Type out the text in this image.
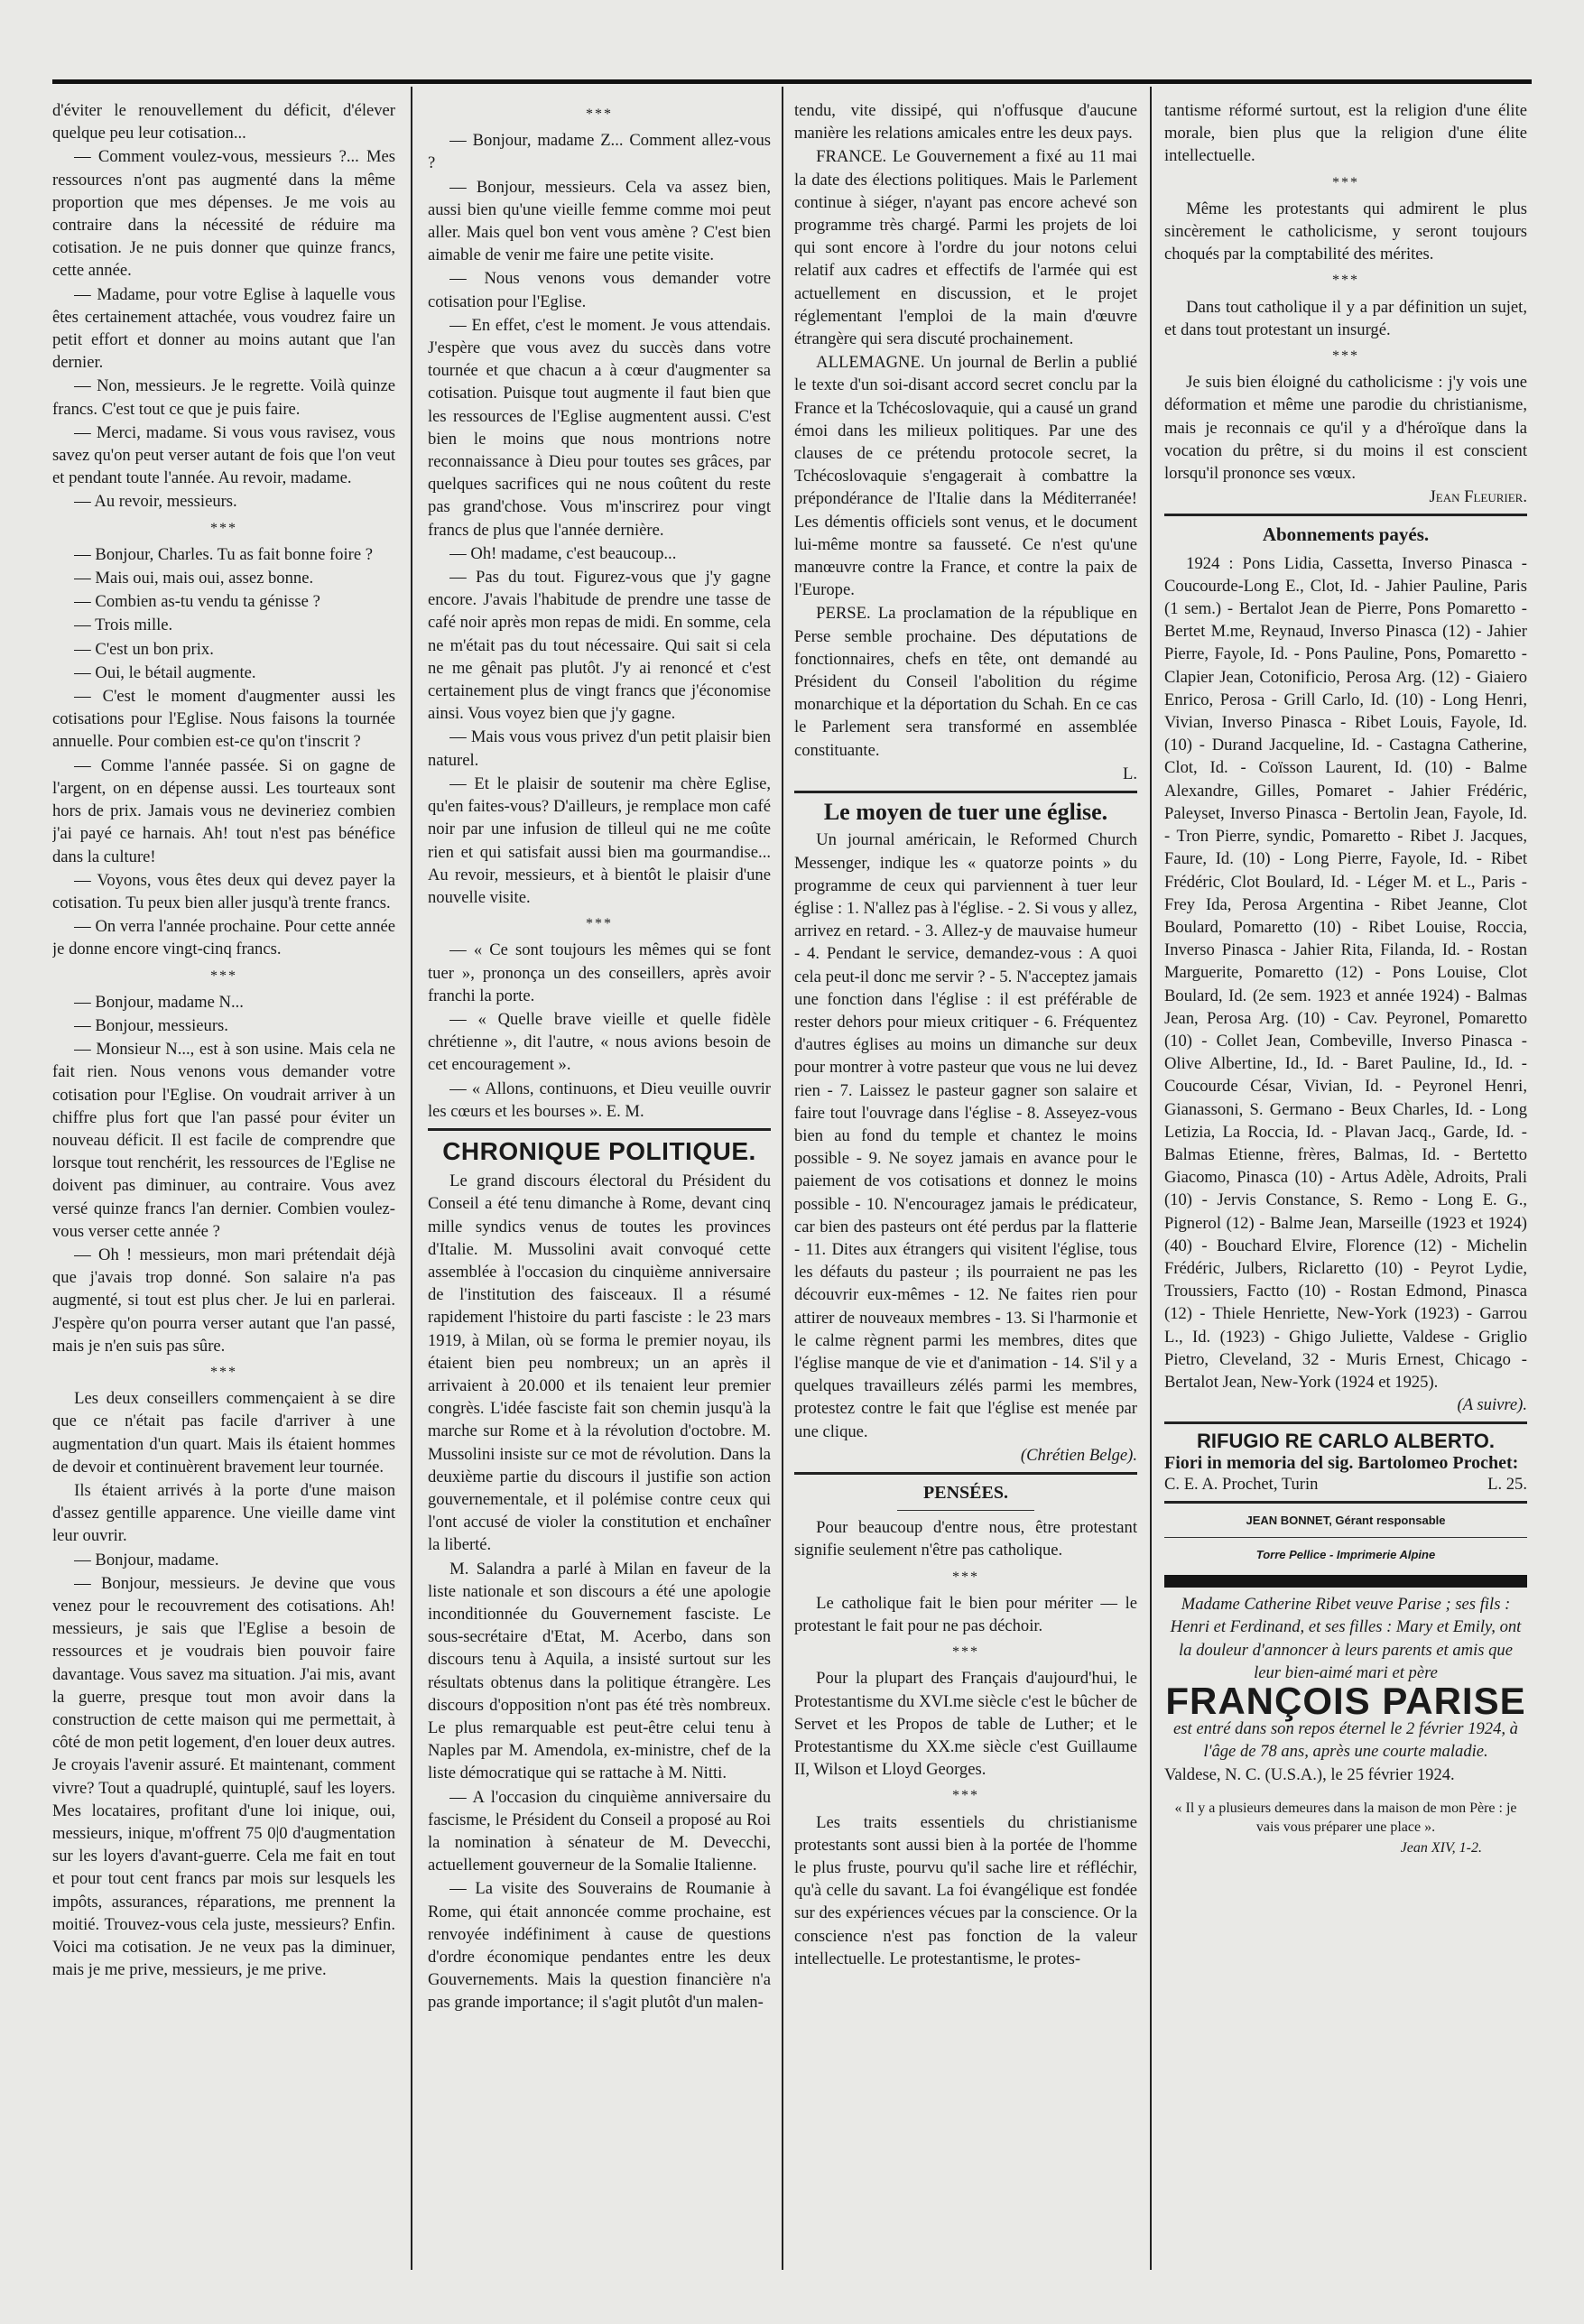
d'éviter le renouvellement du déficit, d'élever quelque peu leur cotisation...

— Comment voulez-vous, messieurs ?... Mes ressources n'ont pas augmenté dans la même proportion que mes dépenses. Je me vois au contraire dans la nécessité de réduire ma cotisation. Je ne puis donner que quinze francs, cette année.

— Madame, pour votre Eglise à laquelle vous êtes certainement attachée, vous voudrez faire un petit effort et donner au moins autant que l'an dernier.

— Non, messieurs. Je le regrette. Voilà quinze francs. C'est tout ce que je puis faire.

— Merci, madame. Si vous vous ravisez, vous savez qu'on peut verser autant de fois que l'on veut et pendant toute l'année. Au revoir, madame.

— Au revoir, messieurs.

***

— Bonjour, Charles. Tu as fait bonne foire ?

— Mais oui, mais oui, assez bonne.

— Combien as-tu vendu ta génisse ?

— Trois mille.

— C'est un bon prix.

— Oui, le bétail augmente.

— C'est le moment d'augmenter aussi les cotisations pour l'Eglise. Nous faisons la tournée annuelle. Pour combien est-ce qu'on t'inscrit ?

— Comme l'année passée. Si on gagne de l'argent, on en dépense aussi. Les tourteaux sont hors de prix. Jamais vous ne devineriez combien j'ai payé ce harnais. Ah! tout n'est pas bénéfice dans la culture!

— Voyons, vous êtes deux qui devez payer la cotisation. Tu peux bien aller jusqu'à trente francs.

— On verra l'année prochaine. Pour cette année je donne encore vingt-cinq francs.

***

— Bonjour, madame N...

— Bonjour, messieurs.

— Monsieur N..., est à son usine. Mais cela ne fait rien. Nous venons vous demander votre cotisation pour l'Eglise. On voudrait arriver à un chiffre plus fort que l'an passé pour éviter un nouveau déficit. Il est facile de comprendre que lorsque tout renchérit, les ressources de l'Eglise ne doivent pas diminuer, au contraire. Vous avez versé quinze francs l'an dernier. Combien voulez-vous verser cette année ?

— Oh ! messieurs, mon mari prétendait déjà que j'avais trop donné. Son salaire n'a pas augmenté, si tout est plus cher. Je lui en parlerai. J'espère qu'on pourra verser autant que l'an passé, mais je n'en suis pas sûre.

***

Les deux conseillers commençaient à se dire que ce n'était pas facile d'arriver à une augmentation d'un quart. Mais ils étaient hommes de devoir et continuèrent bravement leur tournée.

Ils étaient arrivés à la porte d'une maison d'assez gentille apparence. Une vieille dame vint leur ouvrir.

— Bonjour, madame.

— Bonjour, messieurs. Je devine que vous venez pour le recouvrement des cotisations. Ah! messieurs, je sais que l'Eglise a besoin de ressources et je voudrais bien pouvoir faire davantage. Vous savez ma situation. J'ai mis, avant la guerre, presque tout mon avoir dans la construction de cette maison qui me permettait, à côté de mon petit logement, d'en louer deux autres. Je croyais l'avenir assuré. Et maintenant, comment vivre? Tout a quadruplé, quintuplé, sauf les loyers. Mes locataires, profitant d'une loi inique, oui, messieurs, inique, m'offrent 75 0|0 d'augmentation sur les loyers d'avant-guerre. Cela me fait en tout et pour tout cent francs par mois sur lesquels les impôts, assurances, réparations, me prennent la moitié. Trouvez-vous cela juste, messieurs? Enfin. Voici ma cotisation. Je ne veux pas la diminuer, mais je me prive, messieurs, je me prive.

***

— Bonjour, madame Z... Comment allez-vous ?

— Bonjour, messieurs. Cela va assez bien, aussi bien qu'une vieille femme comme moi peut aller. Mais quel bon vent vous amène ? C'est bien aimable de venir me faire une petite visite.

— Nous venons vous demander votre cotisation pour l'Eglise.

— En effet, c'est le moment. Je vous attendais. J'espère que vous avez du succès dans votre tournée et que chacun a à cœur d'augmenter sa cotisation. Puisque tout augmente il faut bien que les ressources de l'Eglise augmentent aussi. C'est bien le moins que nous montrions notre reconnaissance à Dieu pour toutes ses grâces, par quelques sacrifices qui ne nous coûtent du reste pas grand'chose. Vous m'inscrirez pour vingt francs de plus que l'année dernière.

— Oh! madame, c'est beaucoup...

— Pas du tout. Figurez-vous que j'y gagne encore. J'avais l'habitude de prendre une tasse de café noir après mon repas de midi. En somme, cela ne m'était pas du tout nécessaire. Qui sait si cela ne me gênait pas plutôt. J'y ai renoncé et c'est certainement plus de vingt francs que j'économise ainsi. Vous voyez bien que j'y gagne.

— Mais vous vous privez d'un petit plaisir bien naturel.

— Et le plaisir de soutenir ma chère Eglise, qu'en faites-vous? D'ailleurs, je remplace mon café noir par une infusion de tilleul qui ne me coûte rien et qui satisfait aussi bien ma gourmandise... Au revoir, messieurs, et à bientôt le plaisir d'une nouvelle visite.

***

— « Ce sont toujours les mêmes qui se font tuer », prononça un des conseillers, après avoir franchi la porte.

— « Quelle brave vieille et quelle fidèle chrétienne », dit l'autre, « nous avions besoin de cet encouragement ».

— « Allons, continuons, et Dieu veuille ouvrir les cœurs et les bourses ». E. M.

CHRONIQUE POLITIQUE.

Le grand discours électoral du Président du Conseil a été tenu dimanche à Rome, devant cinq mille syndics venus de toutes les provinces d'Italie. M. Mussolini avait convoqué cette assemblée à l'occasion du cinquième anniversaire de l'institution des faisceaux. Il a résumé rapidement l'histoire du parti fasciste : le 23 mars 1919, à Milan, où se forma le premier noyau, ils étaient bien peu nombreux; un an après il arrivaient à 20.000 et ils tenaient leur premier congrès. L'idée fasciste fait son chemin jusqu'à la marche sur Rome et à la révolution d'octobre. M. Mussolini insiste sur ce mot de révolution. Dans la deuxième partie du discours il justifie son action gouvernementale, et il polémise contre ceux qui l'ont accusé de violer la constitution et enchaîner la liberté.

M. Salandra a parlé à Milan en faveur de la liste nationale et son discours a été une apologie inconditionnée du Gouvernement fasciste. Le sous-secrétaire d'Etat, M. Acerbo, dans son discours tenu à Aquila, a insisté surtout sur les résultats obtenus dans la politique étrangère. Les discours d'opposition n'ont pas été très nombreux. Le plus remarquable est peut-être celui tenu à Naples par M. Amendola, ex-ministre, chef de la liste démocratique qui se rattache à M. Nitti.

— A l'occasion du cinquième anniversaire du fascisme, le Président du Conseil a proposé au Roi la nomination à sénateur de M. Devecchi, actuellement gouverneur de la Somalie Italienne.

— La visite des Souverains de Roumanie à Rome, qui était annoncée comme prochaine, est renvoyée indéfiniment à cause de questions d'ordre économique pendantes entre les deux Gouvernements. Mais la question financière n'a pas grande importance; il s'agit plutôt d'un malen-

tendu, vite dissipé, qui n'offusque d'aucune manière les relations amicales entre les deux pays.

FRANCE. Le Gouvernement a fixé au 11 mai la date des élections politiques. Mais le Parlement continue à siéger, n'ayant pas encore achevé son programme très chargé. Parmi les projets de loi qui sont encore à l'ordre du jour notons celui relatif aux cadres et effectifs de l'armée qui est actuellement en discussion, et le projet réglementant l'emploi de la main d'œuvre étrangère qui sera discuté prochainement.

ALLEMAGNE. Un journal de Berlin a publié le texte d'un soi-disant accord secret conclu par la France et la Tchécoslovaquie, qui a causé un grand émoi dans les milieux politiques. Par une des clauses de ce prétendu protocole secret, la Tchécoslovaquie s'engagerait à combattre la prépondérance de l'Italie dans la Méditerranée! Les démentis officiels sont venus, et le document lui-même montre sa fausseté. Ce n'est qu'une manœuvre contre la France, et contre la paix de l'Europe.

PERSE. La proclamation de la république en Perse semble prochaine. Des députations de fonctionnaires, chefs en tête, ont demandé au Président du Conseil l'abolition du régime monarchique et la déportation du Schah. En ce cas le Parlement sera transformé en assemblée constituante.

L.
Le moyen de tuer une église.

Un journal américain, le Reformed Church Messenger, indique les « quatorze points » du programme de ceux qui parviennent à tuer leur église : 1. N'allez pas à l'église. - 2. Si vous y allez, arrivez en retard. - 3. Allez-y de mauvaise humeur - 4. Pendant le service, demandez-vous : A quoi cela peut-il donc me servir ? - 5. N'acceptez jamais une fonction dans l'église : il est préférable de rester dehors pour mieux critiquer - 6. Fréquentez d'autres églises au moins un dimanche sur deux pour montrer à votre pasteur que vous ne lui devez rien - 7. Laissez le pasteur gagner son salaire et faire tout l'ouvrage dans l'église - 8. Asseyez-vous bien au fond du temple et chantez le moins possible - 9. Ne soyez jamais en avance pour le paiement de vos cotisations et donnez le moins possible - 10. N'encouragez jamais le prédicateur, car bien des pasteurs ont été perdus par la flatterie - 11. Dites aux étrangers qui visitent l'église, tous les défauts du pasteur ; ils pourraient ne pas les découvrir eux-mêmes - 12. Ne faites rien pour attirer de nouveaux membres - 13. Si l'harmonie et le calme règnent parmi les membres, dites que l'église manque de vie et d'animation - 14. S'il y a quelques travailleurs zélés parmi les membres, protestez contre le fait que l'église est menée par une clique.

(Chrétien Belge).
PENSÉES.

Pour beaucoup d'entre nous, être protestant signifie seulement n'être pas catholique.

***

Le catholique fait le bien pour mériter — le protestant le fait pour ne pas déchoir.

***

Pour la plupart des Français d'aujourd'hui, le Protestantisme du XVI.me siècle c'est le bûcher de Servet et les Propos de table de Luther; et le Protestantisme du XX.me siècle c'est Guillaume II, Wilson et Lloyd Georges.

***

Les traits essentiels du christianisme protestants sont aussi bien à la portée de l'homme le plus fruste, pourvu qu'il sache lire et réfléchir, qu'à celle du savant. La foi évangélique est fondée sur des expériences vécues par la conscience. Or la conscience n'est pas fonction de la valeur intellectuelle. Le protestantisme, le protes-

tantisme réformé surtout, est la religion d'une élite morale, bien plus que la religion d'une élite intellectuelle.

***

Même les protestants qui admirent le plus sincèrement le catholicisme, y seront toujours choqués par la comptabilité des mérites.

***

Dans tout catholique il y a par définition un sujet, et dans tout protestant un insurgé.

***

Je suis bien éloigné du catholicisme : j'y vois une déformation et même une parodie du christianisme, mais je reconnais ce qu'il y a d'héroïque dans la vocation du prêtre, si du moins il est conscient lorsqu'il prononce ses vœux.

Jean Fleurier.
Abonnements payés.

1924 : Pons Lidia, Cassetta, Inverso Pinasca - Coucourde-Long E., Clot, Id. - Jahier Pauline, Paris (1 sem.) - Bertalot Jean de Pierre, Pons Pomaretto - Bertet M.me, Reynaud, Inverso Pinasca (12) - Jahier Pierre, Fayole, Id. - Pons Pauline, Pons, Pomaretto - Clapier Jean, Cotonificio, Perosa Arg. (12) - Giaiero Enrico, Perosa - Grill Carlo, Id. (10) - Long Henri, Vivian, Inverso Pinasca - Ribet Louis, Fayole, Id. (10) - Durand Jacqueline, Id. - Castagna Catherine, Clot, Id. - Coïsson Laurent, Id. (10) - Balme Alexandre, Gilles, Pomaret - Jahier Frédéric, Paleyset, Inverso Pinasca - Bertolin Jean, Fayole, Id. - Tron Pierre, syndic, Pomaretto - Ribet J. Jacques, Faure, Id. (10) - Long Pierre, Fayole, Id. - Ribet Frédéric, Clot Boulard, Id. - Léger M. et L., Paris - Frey Ida, Perosa Argentina - Ribet Jeanne, Clot Boulard, Pomaretto (10) - Ribet Louise, Roccia, Inverso Pinasca - Jahier Rita, Filanda, Id. - Rostan Marguerite, Pomaretto (12) - Pons Louise, Clot Boulard, Id. (2e sem. 1923 et année 1924) - Balmas Jean, Perosa Arg. (10) - Cav. Peyronel, Pomaretto (10) - Collet Jean, Combeville, Inverso Pinasca - Olive Albertine, Id., Id. - Baret Pauline, Id., Id. - Coucourde César, Vivian, Id. - Peyronel Henri, Gianassoni, S. Germano - Beux Charles, Id. - Long Letizia, La Roccia, Id. - Plavan Jacq., Garde, Id. - Balmas Etienne, frères, Balmas, Id. - Bertetto Giacomo, Pinasca (10) - Artus Adèle, Adroits, Prali (10) - Jervis Constance, S. Remo - Long E. G., Pignerol (12) - Balme Jean, Marseille (1923 et 1924) (40) - Bouchard Elvire, Florence (12) - Michelin Frédéric, Julbers, Riclaretto (10) - Peyrot Lydie, Troussiers, Factto (10) - Rostan Edmond, Pinasca (12) - Thiele Henriette, New-York (1923) - Garrou L., Id. (1923) - Ghigo Juliette, Valdese - Griglio Pietro, Cleveland, 32 - Muris Ernest, Chicago - Bertalot Jean, New-York (1924 et 1925).

(A suivre).
RIFUGIO RE CARLO ALBERTO.
Fiori in memoria del sig. Bartolomeo Prochet:
C. E. A. Prochet, Turin	L. 25.
JEAN BONNET, Gérant responsable
Torre Pellice - Imprimerie Alpine
Madame Catherine Ribet veuve Parise ; ses fils : Henri et Ferdinand, et ses filles : Mary et Emily, ont la douleur d'annoncer à leurs parents et amis que leur bien-aimé mari et père
FRANÇOIS PARISE
est entré dans son repos éternel le 2 février 1924, à l'âge de 78 ans, après une courte maladie.
Valdese, N. C. (U.S.A.), le 25 février 1924.
« Il y a plusieurs demeures dans la maison de mon Père : je vais vous préparer une place ».
Jean XIV, 1-2.
